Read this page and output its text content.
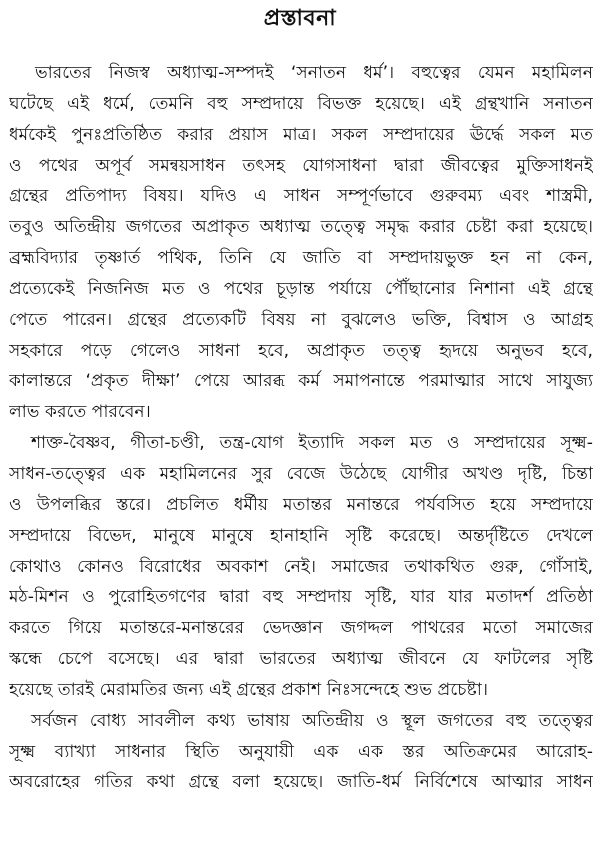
প্রস্তাবনা
ভারতের নিজস্ব অধ্যাত্ম-সম্পদই ‘সনাতন ধর্ম’। বহুত্বের যেমন মহামিলন
ঘটেছে এই ধর্মে, তেমনি বহু সম্প্রদায়ে বিভক্ত হয়েছে। এই গ্রন্থখানি সনাতন
ধর্মকেই পুনঃপ্রতিষ্ঠিত করার প্রয়াস মাত্র। সকল সম্প্রদায়ের ঊর্দ্ধে সকল মত
ও পথের অপূর্ব সমন্বয়সাধন তৎসহ যোগসাধনা দ্বারা জীবত্বের মুক্তিসাধনই
গ্রন্থের প্রতিপাদ্য বিষয়। যদিও এ সাধন সম্পূর্ণভাবে গুরুবম্য এবং শাস্ত্রমী,
তবুও অতিন্দ্রীয় জগতের অপ্রাকৃত অধ্যাত্ম তত্ত্বে সমৃদ্ধ করার চেষ্টা করা হয়েছে।
ব্রহ্মবিদ্যার তৃষ্ণার্ত পথিক, তিনি যে জাতি বা সম্প্রদায়ভুক্ত হন না কেন,
প্রত্যেকেই নিজনিজ মত ও পথের চূড়ান্ত পর্যায়ে পৌঁছানোর নিশানা এই গ্রন্থে
পেতে পারেন। গ্রন্থের প্রত্যেকটি বিষয় না বুঝলেও ভক্তি, বিশ্বাস ও আগ্রহ
সহকারে পড়ে গেলেও সাধনা হবে, অপ্রাকৃত তত্ত্ব হৃদয়ে অনুভব হবে,
কালান্তরে ‘প্রকৃত দীক্ষা’ পেয়ে আরব্ধ কর্ম সমাপনান্তে পরমাত্মার সাথে সাযুজ্য
লাভ করতে পারবেন।
শাক্ত-বৈষ্ণব, গীতা-চণ্ডী, তন্ত্র-যোগ ইত্যাদি সকল মত ও সম্প্রদায়ের সূক্ষ্ম-
সাধন-তত্ত্বের এক মহামিলনের সুর বেজে উঠেছে যোগীর অখণ্ড দৃষ্টি, চিন্তা
ও উপলব্ধির স্তরে। প্রচলিত ধর্মীয় মতান্তর মনান্তরে পর্যবসিত হয়ে সম্প্রদায়ে
সম্প্রদায়ে বিভেদ, মানুষে মানুষে হানাহানি সৃষ্টি করেছে। অন্তর্দৃষ্টিতে দেখলে
কোথাও কোনও বিরোধের অবকাশ নেই। সমাজের তথাকথিত গুরু, গোঁসাই,
মঠ-মিশন ও পুরোহিতগণের দ্বারা বহু সম্প্রদায় সৃষ্টি, যার যার মতাদর্শ প্রতিষ্ঠা
করতে গিয়ে মতান্তরে-মনান্তরের ভেদজ্ঞান জগদ্দল পাথরের মতো সমাজের
স্কন্ধে চেপে বসেছে। এর দ্বারা ভারতের অধ্যাত্ম জীবনে যে ফাটলের সৃষ্টি
হয়েছে তারই মেরামতির জন্য এই গ্রন্থের প্রকাশ নিঃসন্দেহে শুভ প্রচেষ্টা।
সর্বজন বোধ্য সাবলীল কথ্য ভাষায় অতিন্দ্রীয় ও স্থূল জগতের বহু তত্ত্বের
সূক্ষ্ম ব্যাখ্যা সাধনার স্থিতি অনুযায়ী এক এক স্তর অতিক্রমের আরোহ-
অবরোহের গতির কথা গ্রন্থে বলা হয়েছে। জাতি-ধর্ম নির্বিশেষে আত্মার সাধন
